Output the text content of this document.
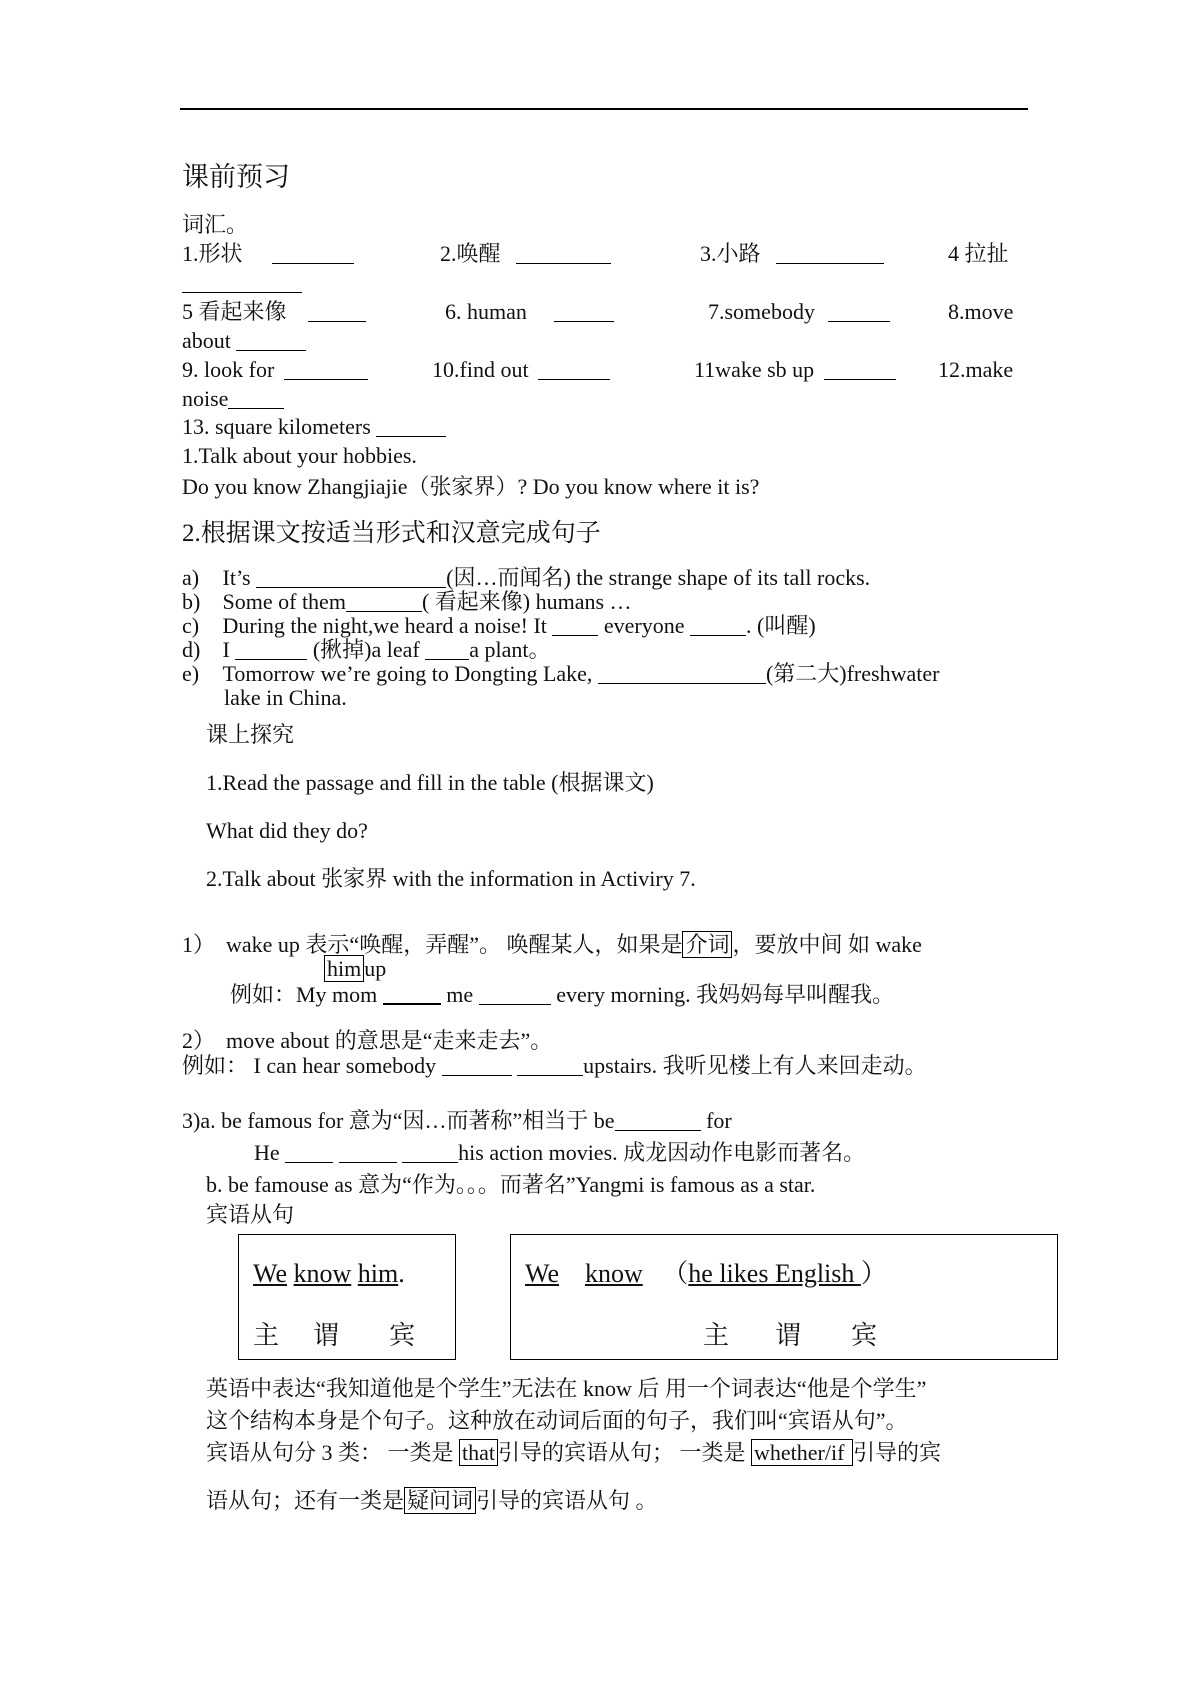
课前预习
词汇。
1.形状	2.唤醒	3.小路	4 拉扯
5 看起来像	6. human	7.somebody	8.move
about
9. look for	10.find out	11wake sb up	12.make
noise
13. square kilometers
1.Talk about your hobbies.
Do you know Zhangjiajie（张家界）? Do you know where it is?
2.根据课文按适当形式和汉意完成句子
a) It’s	(因…而闻名) the strange shape of its tall rocks.
b) Some of them	( 看起来像) humans …
c) During the night,we heard a noise! It  everyone	. (叫醒)
d) I	(揪掉)a leaf a plant。
e) Tomorrow we’re going to Dongting Lake,	(第二大)freshwater
lake in China.
课上探究
1.Read the passage and fill in the table (根据课文)
What did they do?
2.Talk about 张家界 with the information in Activiry 7.
1） wake up 表示“唤醒，弄醒”。 唤醒某人，如果是 介词 ，要放中间 如 wake
him up
例如：My mom	me	every morning. 我妈妈每早叫醒我。
2） move about 的意思是“走来走去”。
例如： I can hear somebody	upstairs. 我听见楼上有人来回走动。
3)a. be famous for 意为“因…而著称”相当于 be	for
He	his action movies. 成龙因动作电影而著名。
b. be famouse as 意为“作为。。。而著名”Yangmi is famous as a star.
宾语从句
We know him.
主 谓 宾
We know （he likes English ）
主 谓 宾
英语中表达“我知道他是个学生”无法在 know 后 用一个词表达“他是个学生”
这个结构本身是个句子。这种放在动词后面的句子，我们叫“宾语从句”。
宾语从句分 3 类： 一类是 that 引导的宾语从句； 一类是 whether/if 引导的宾
语从句；还有一类是 疑问词 引导的宾语从句 。
